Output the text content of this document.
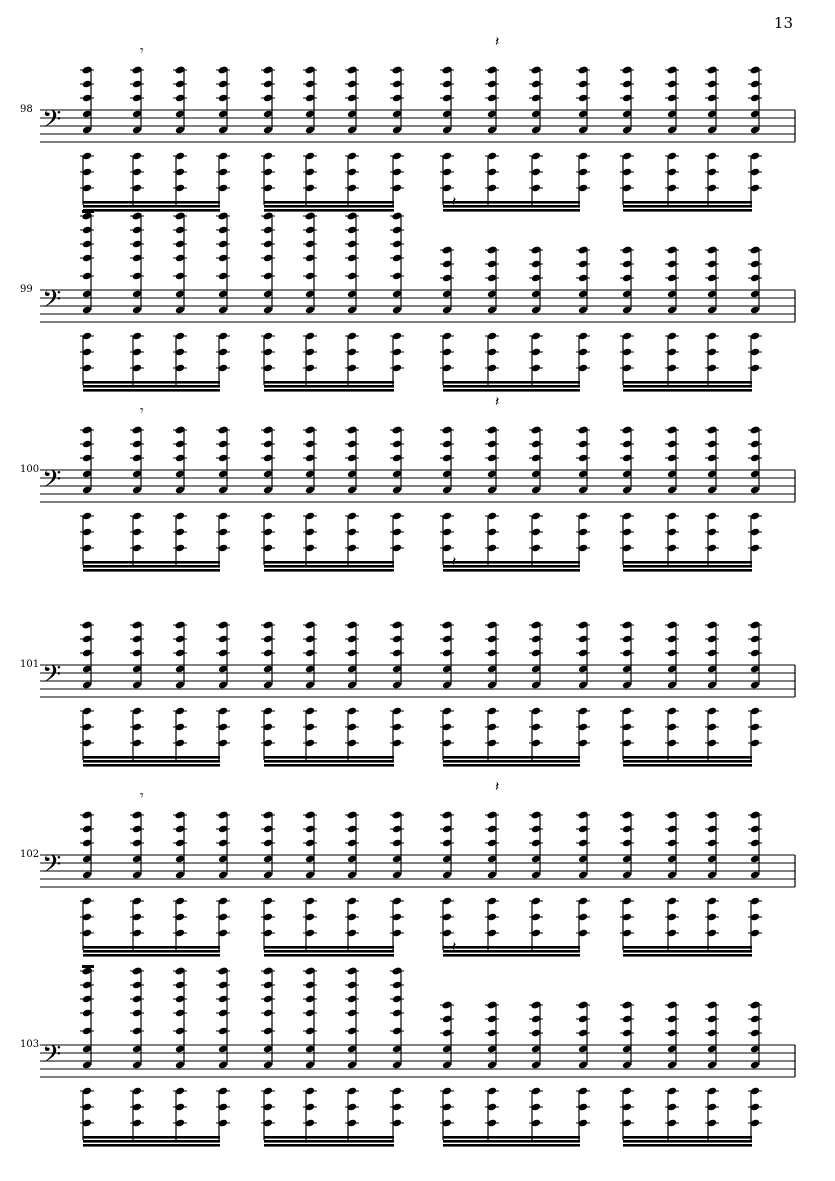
13
𝄢
98
𝄾
𝄽
𝄽
𝄢
99
𝄢
100
𝄾
𝄽
𝄽
𝄢
101
𝄢
102
𝄾
𝄽
𝄽
𝄢
103
